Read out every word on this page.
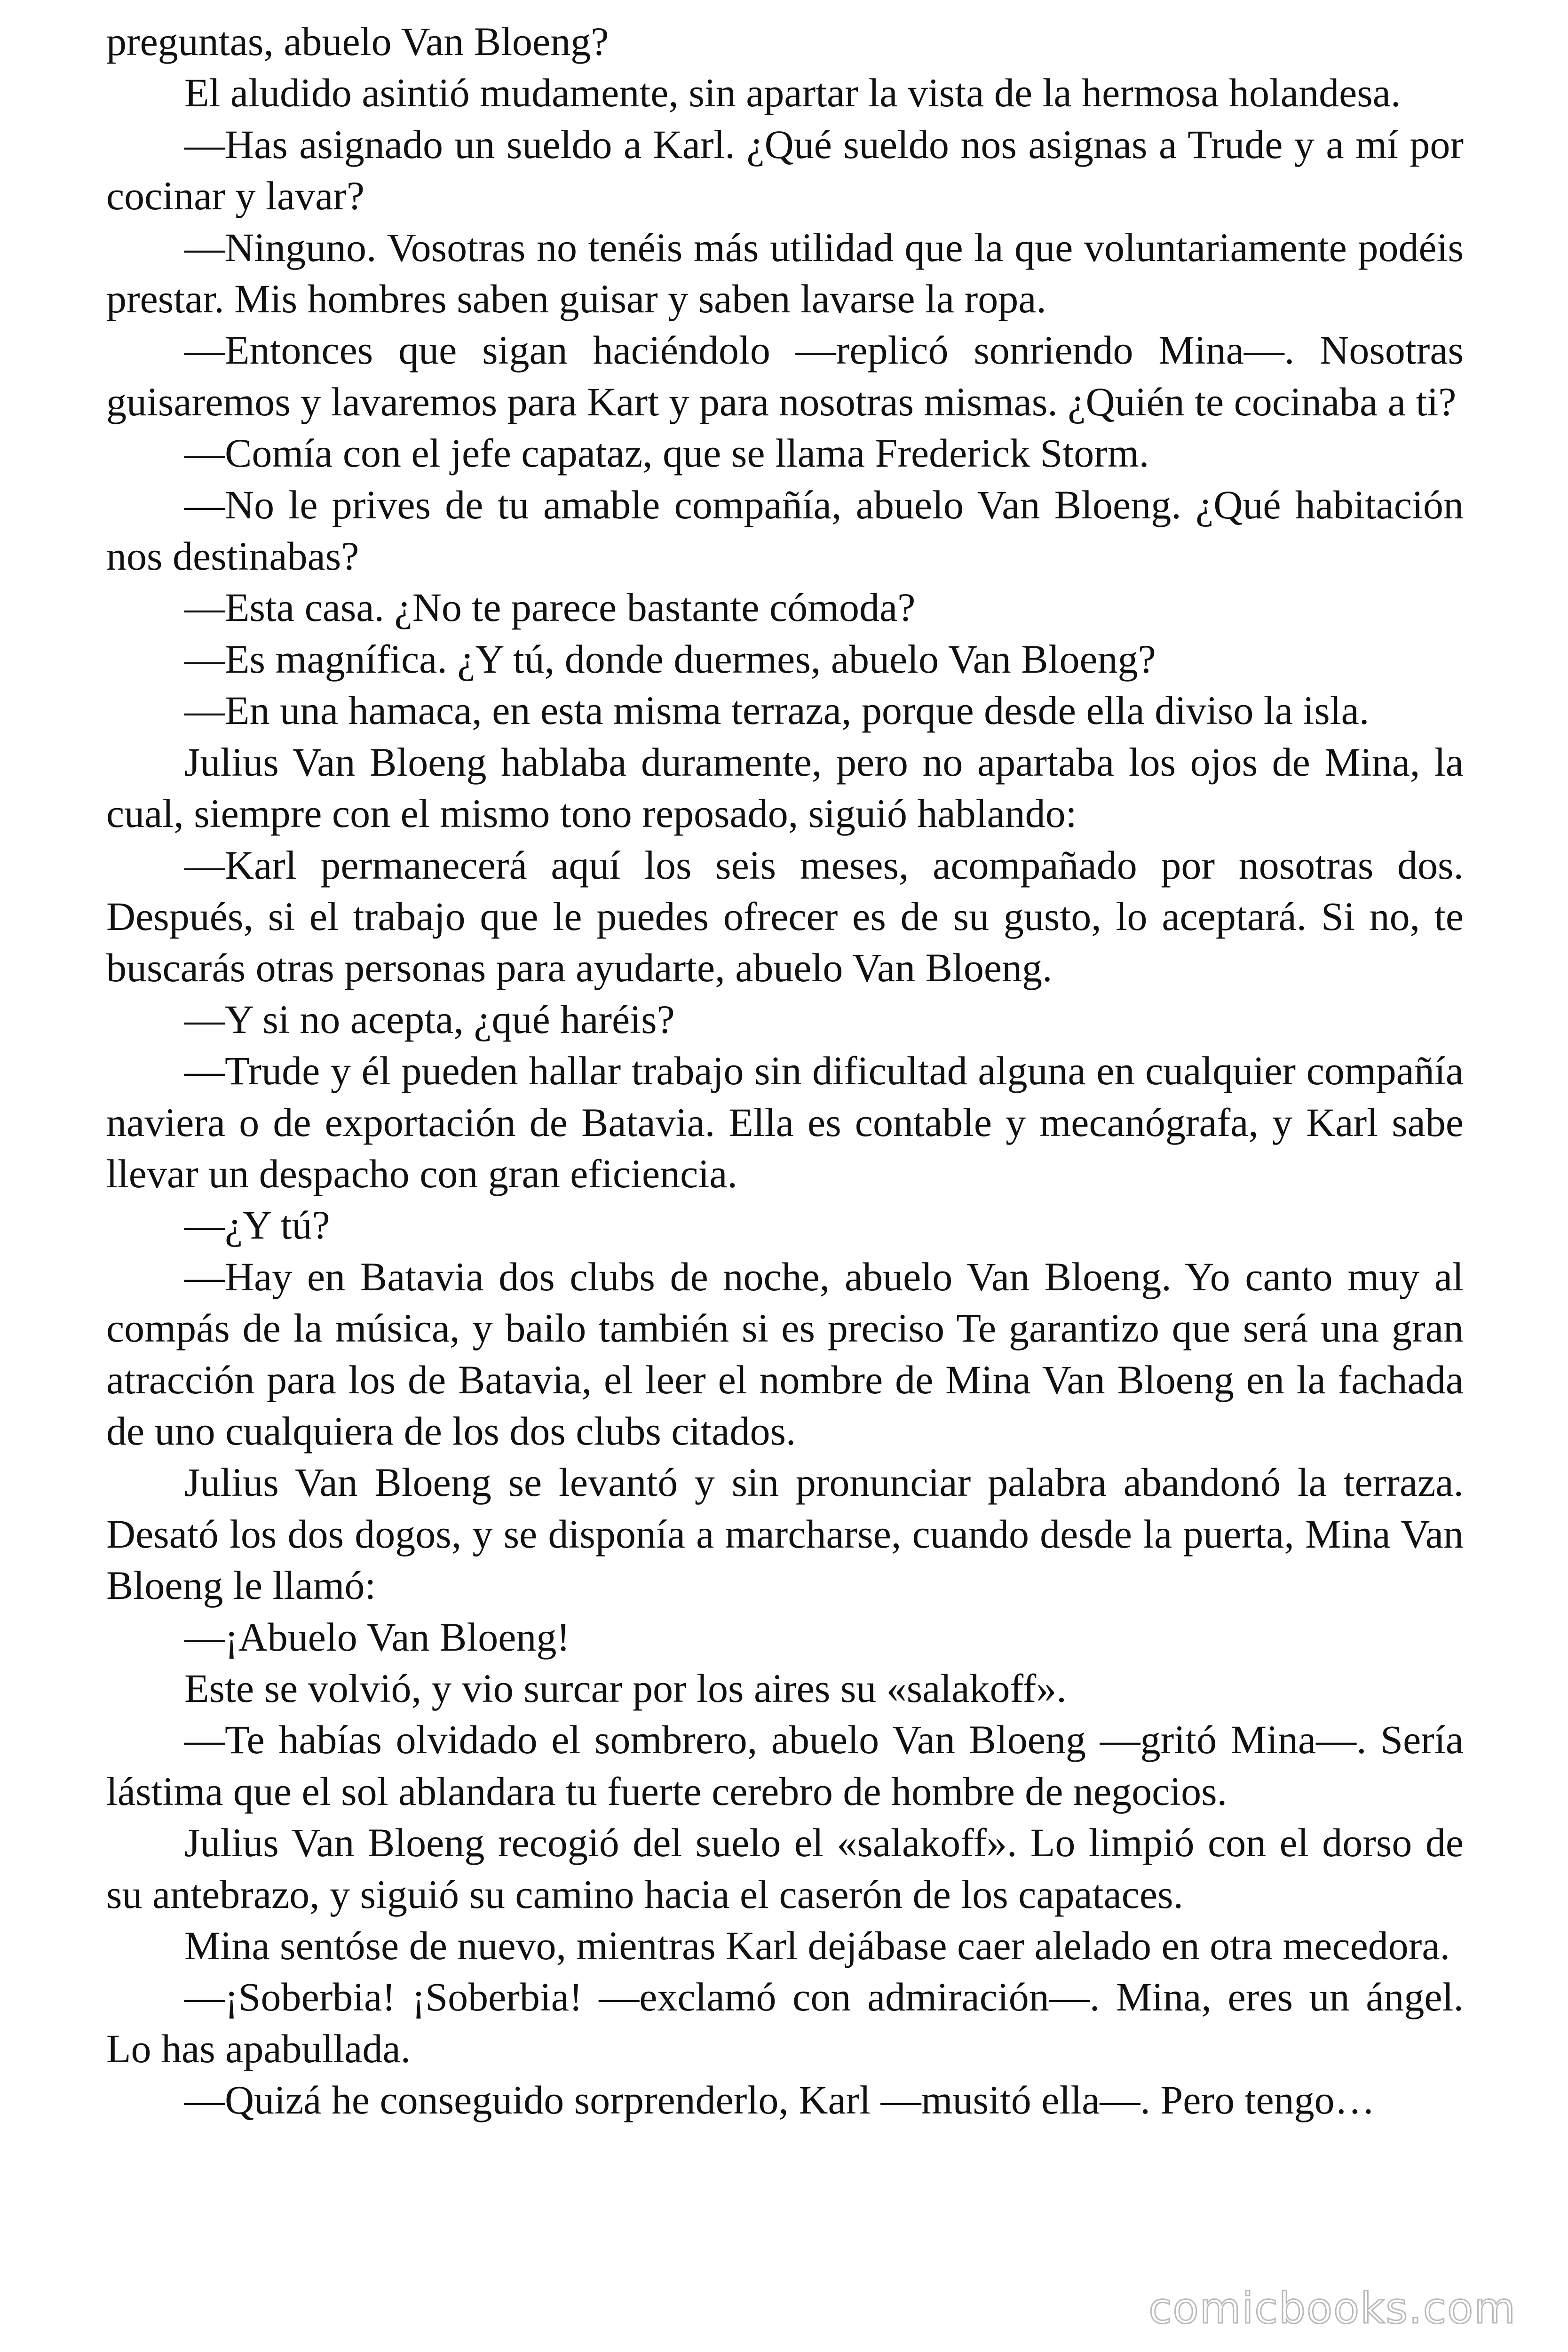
preguntas, abuelo Van Bloeng?

El aludido asintió mudamente, sin apartar la vista de la hermosa holandesa.

—Has asignado un sueldo a Karl. ¿Qué sueldo nos asignas a Trude y a mí por cocinar y lavar?

—Ninguno. Vosotras no tenéis más utilidad que la que voluntariamente podéis prestar. Mis hombres saben guisar y saben lavarse la ropa.

—Entonces que sigan haciéndolo —replicó sonriendo Mina—. Nosotras guisaremos y lavaremos para Kart y para nosotras mismas. ¿Quién te cocinaba a ti?

—Comía con el jefe capataz, que se llama Frederick Storm.

—No le prives de tu amable compañía, abuelo Van Bloeng. ¿Qué habitación nos destinabas?

—Esta casa. ¿No te parece bastante cómoda?

—Es magnífica. ¿Y tú, donde duermes, abuelo Van Bloeng?

—En una hamaca, en esta misma terraza, porque desde ella diviso la isla.

Julius Van Bloeng hablaba duramente, pero no apartaba los ojos de Mina, la cual, siempre con el mismo tono reposado, siguió hablando:

—Karl permanecerá aquí los seis meses, acompañado por nosotras dos. Después, si el trabajo que le puedes ofrecer es de su gusto, lo aceptará. Si no, te buscarás otras personas para ayudarte, abuelo Van Bloeng.

—Y si no acepta, ¿qué haréis?

—Trude y él pueden hallar trabajo sin dificultad alguna en cualquier compañía naviera o de exportación de Batavia. Ella es contable y mecanógrafa, y Karl sabe llevar un despacho con gran eficiencia.

—¿Y tú?

—Hay en Batavia dos clubs de noche, abuelo Van Bloeng. Yo canto muy al compás de la música, y bailo también si es preciso Te garantizo que será una gran atracción para los de Batavia, el leer el nombre de Mina Van Bloeng en la fachada de uno cualquiera de los dos clubs citados.

Julius Van Bloeng se levantó y sin pronunciar palabra abandonó la terraza. Desató los dos dogos, y se disponía a marcharse, cuando desde la puerta, Mina Van Bloeng le llamó:

—¡Abuelo Van Bloeng!

Este se volvió, y vio surcar por los aires su «salakoff».

—Te habías olvidado el sombrero, abuelo Van Bloeng —gritó Mina—. Sería lástima que el sol ablandara tu fuerte cerebro de hombre de negocios.

Julius Van Bloeng recogió del suelo el «salakoff». Lo limpió con el dorso de su antebrazo, y siguió su camino hacia el caserón de los capataces.

Mina sentóse de nuevo, mientras Karl dejábase caer alelado en otra mecedora.

—¡Soberbia! ¡Soberbia! —exclamó con admiración—. Mina, eres un ángel. Lo has apabullada.

—Quizá he conseguido sorprenderlo, Karl —musitó ella—. Pero tengo…

comicbooks.com
